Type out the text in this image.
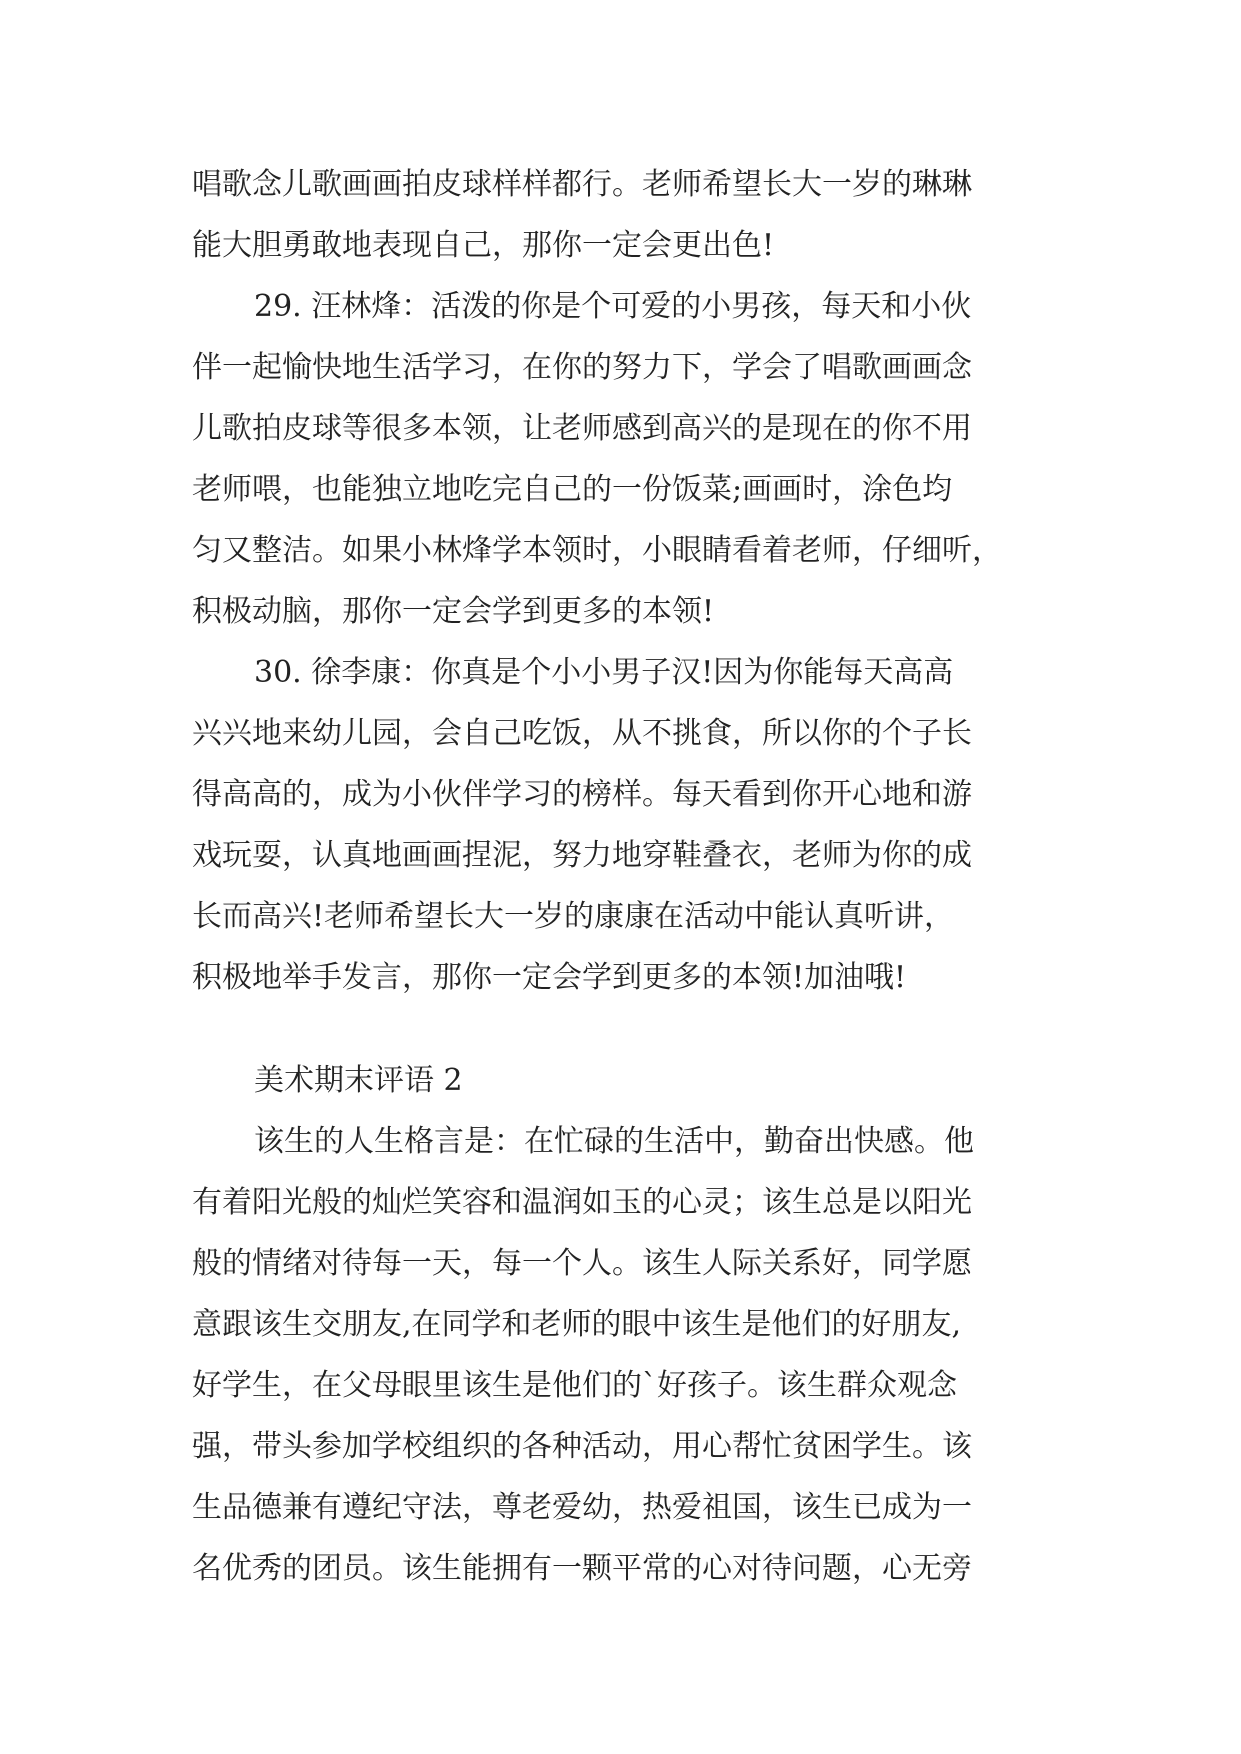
唱歌念儿歌画画拍皮球样样都行。老师希望长大一岁的琳琳
能大胆勇敢地表现自己，那你一定会更出色!
29. 汪林烽：活泼的你是个可爱的小男孩，每天和小伙
伴一起愉快地生活学习，在你的努力下，学会了唱歌画画念
儿歌拍皮球等很多本领，让老师感到高兴的是现在的你不用
老师喂，也能独立地吃完自己的一份饭菜;画画时，涂色均
匀又整洁。如果小林烽学本领时，小眼睛看着老师，仔细听，
积极动脑，那你一定会学到更多的本领!
30. 徐李康：你真是个小小男子汉!因为你能每天高高
兴兴地来幼儿园，会自己吃饭，从不挑食，所以你的个子长
得高高的，成为小伙伴学习的榜样。每天看到你开心地和游
戏玩耍，认真地画画捏泥，努力地穿鞋叠衣，老师为你的成
长而高兴!老师希望长大一岁的康康在活动中能认真听讲，
积极地举手发言，那你一定会学到更多的本领!加油哦!
美术期末评语 2
该生的人生格言是：在忙碌的生活中，勤奋出快感。他
有着阳光般的灿烂笑容和温润如玉的心灵；该生总是以阳光
般的情绪对待每一天，每一个人。该生人际关系好，同学愿
意跟该生交朋友,在同学和老师的眼中该生是他们的好朋友,
好学生，在父母眼里该生是他们的`好孩子。该生群众观念
强，带头参加学校组织的各种活动，用心帮忙贫困学生。该
生品德兼有遵纪守法，尊老爱幼，热爱祖国，该生已成为一
名优秀的团员。该生能拥有一颗平常的心对待问题，心无旁
